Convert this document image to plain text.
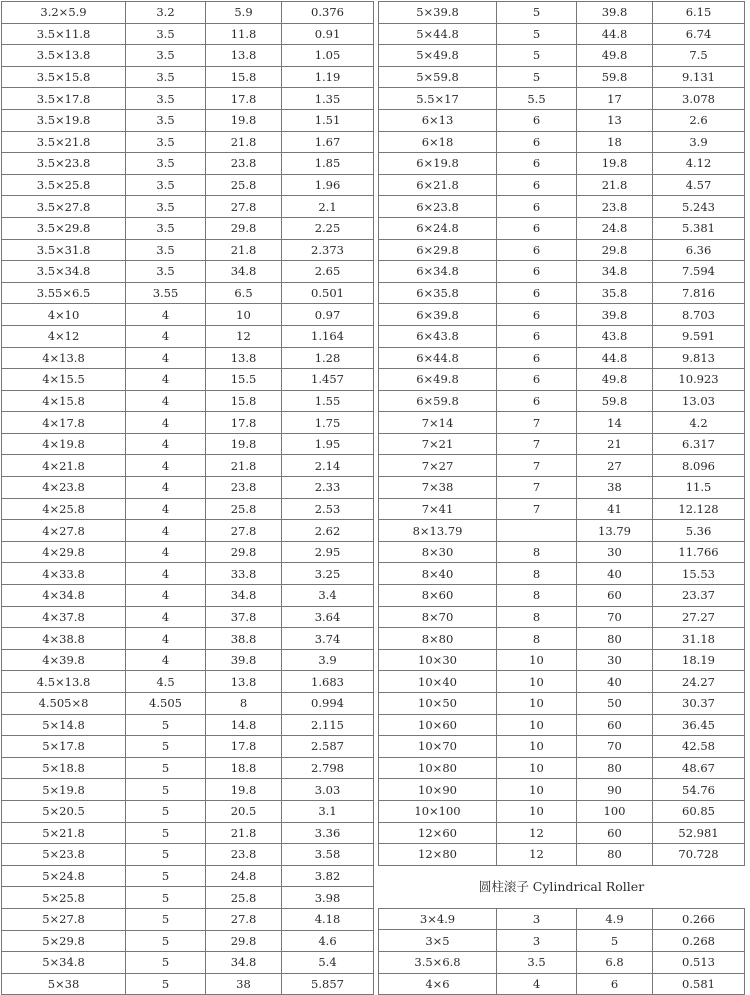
3.2×5.9	3.2	5.9	0.376
3.5×11.8	3.5	11.8	0.91
3.5×13.8	3.5	13.8	1.05
3.5×15.8	3.5	15.8	1.19
3.5×17.8	3.5	17.8	1.35
3.5×19.8	3.5	19.8	1.51
3.5×21.8	3.5	21.8	1.67
3.5×23.8	3.5	23.8	1.85
3.5×25.8	3.5	25.8	1.96
3.5×27.8	3.5	27.8	2.1
3.5×29.8	3.5	29.8	2.25
3.5×31.8	3.5	21.8	2.373
3.5×34.8	3.5	34.8	2.65
3.55×6.5	3.55	6.5	0.501
4×10	4	10	0.97
4×12	4	12	1.164
4×13.8	4	13.8	1.28
4×15.5	4	15.5	1.457
4×15.8	4	15.8	1.55
4×17.8	4	17.8	1.75
4×19.8	4	19.8	1.95
4×21.8	4	21.8	2.14
4×23.8	4	23.8	2.33
4×25.8	4	25.8	2.53
4×27.8	4	27.8	2.62
4×29.8	4	29.8	2.95
4×33.8	4	33.8	3.25
4×34.8	4	34.8	3.4
4×37.8	4	37.8	3.64
4×38.8	4	38.8	3.74
4×39.8	4	39.8	3.9
4.5×13.8	4.5	13.8	1.683
4.505×8	4.505	8	0.994
5×14.8	5	14.8	2.115
5×17.8	5	17.8	2.587
5×18.8	5	18.8	2.798
5×19.8	5	19.8	3.03
5×20.5	5	20.5	3.1
5×21.8	5	21.8	3.36
5×23.8	5	23.8	3.58
5×24.8	5	24.8	3.82
5×25.8	5	25.8	3.98
5×27.8	5	27.8	4.18
5×29.8	5	29.8	4.6
5×34.8	5	34.8	5.4
5×38	5	38	5.857
5×39.8	5	39.8	6.15
5×44.8	5	44.8	6.74
5×49.8	5	49.8	7.5
5×59.8	5	59.8	9.131
5.5×17	5.5	17	3.078
6×13	6	13	2.6
6×18	6	18	3.9
6×19.8	6	19.8	4.12
6×21.8	6	21.8	4.57
6×23.8	6	23.8	5.243
6×24.8	6	24.8	5.381
6×29.8	6	29.8	6.36
6×34.8	6	34.8	7.594
6×35.8	6	35.8	7.816
6×39.8	6	39.8	8.703
6×43.8	6	43.8	9.591
6×44.8	6	44.8	9.813
6×49.8	6	49.8	10.923
6×59.8	6	59.8	13.03
7×14	7	14	4.2
7×21	7	21	6.317
7×27	7	27	8.096
7×38	7	38	11.5
7×41	7	41	12.128
8×13.79		13.79	5.36
8×30	8	30	11.766
8×40	8	40	15.53
8×60	8	60	23.37
8×70	8	70	27.27
8×80	8	80	31.18
10×30	10	30	18.19
10×40	10	40	24.27
10×50	10	50	30.37
10×60	10	60	36.45
10×70	10	70	42.58
10×80	10	80	48.67
10×90	10	90	54.76
10×100	10	100	60.85
12×60	12	60	52.981
12×80	12	80	70.728
圆柱滚子 Cylindrical Roller			
3×4.9	3	4.9	0.266
3×5	3	5	0.268
3.5×6.8	3.5	6.8	0.513
4×6	4	6	0.581
